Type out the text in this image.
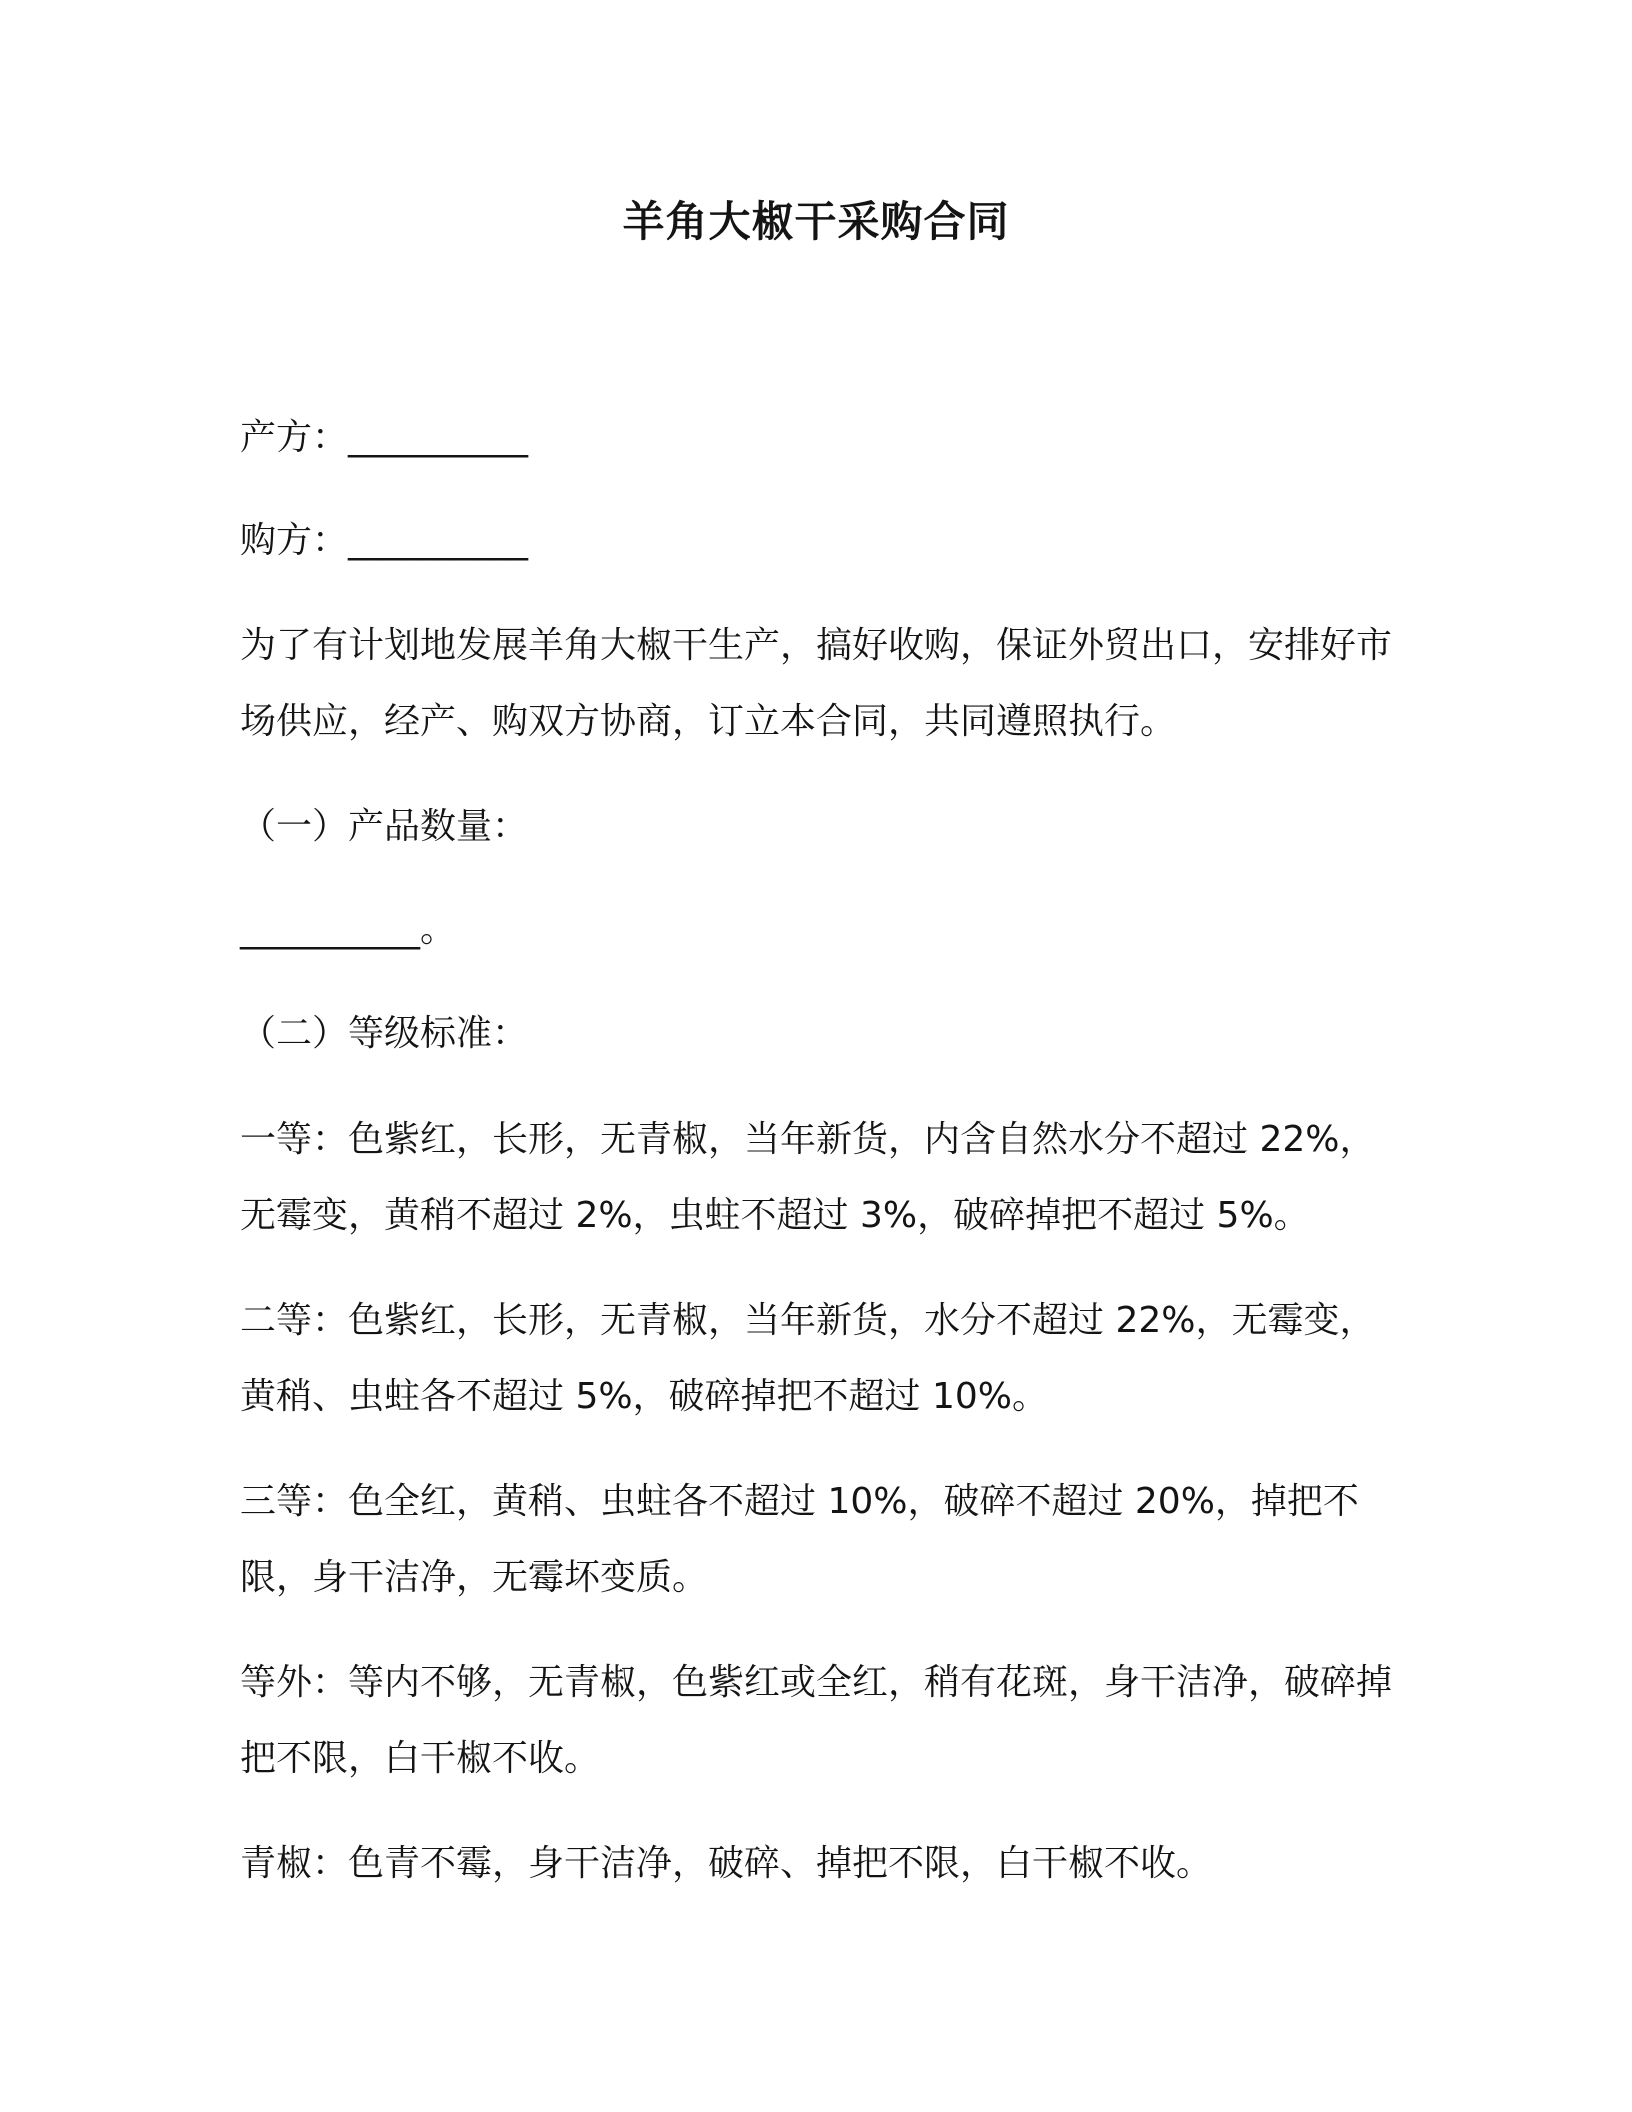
羊角大椒干采购合同

产方：__________

购方：__________

为了有计划地发展羊角大椒干生产，搞好收购，保证外贸出口，安排好市场供应，经产、购双方协商，订立本合同，共同遵照执行。

（一）产品数量：

__________。

（二）等级标准：

一等：色紫红，长形，无青椒，当年新货，内含自然水分不超过 22%，无霉变，黄稍不超过 2%，虫蛀不超过 3%，破碎掉把不超过 5%。

二等：色紫红，长形，无青椒，当年新货，水分不超过 22%，无霉变，黄稍、虫蛀各不超过 5%，破碎掉把不超过 10%。

三等：色全红，黄稍、虫蛀各不超过 10%，破碎不超过 20%，掉把不限，身干洁净，无霉坏变质。

等外：等内不够，无青椒，色紫红或全红，稍有花斑，身干洁净，破碎掉把不限，白干椒不收。

青椒：色青不霉，身干洁净，破碎、掉把不限，白干椒不收。
